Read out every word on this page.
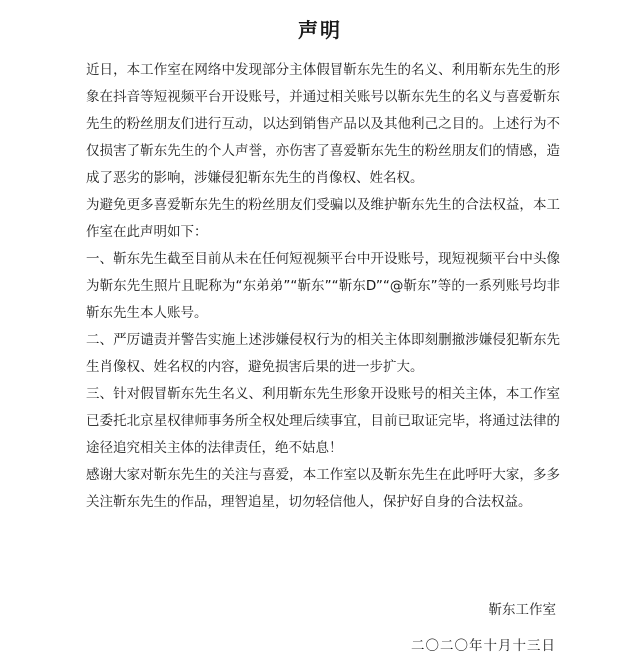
声明

近日，本工作室在网络中发现部分主体假冒靳东先生的名义、利用靳东先生的形象在抖音等短视频平台开设账号，并通过相关账号以靳东先生的名义与喜爱靳东先生的粉丝朋友们进行互动，以达到销售产品以及其他利己之目的。上述行为不仅损害了靳东先生的个人声誉，亦伤害了喜爱靳东先生的粉丝朋友们的情感，造成了恶劣的影响，涉嫌侵犯靳东先生的肖像权、姓名权。

为避免更多喜爱靳东先生的粉丝朋友们受骗以及维护靳东先生的合法权益，本工作室在此声明如下：

一、靳东先生截至目前从未在任何短视频平台中开设账号，现短视频平台中头像为靳东先生照片且昵称为“东弟弟”“靳东”“靳东D”“@靳东”等的一系列账号均非靳东先生本人账号。

二、严厉谴责并警告实施上述涉嫌侵权行为的相关主体即刻删撤涉嫌侵犯靳东先生肖像权、姓名权的内容，避免损害后果的进一步扩大。

三、针对假冒靳东先生名义、利用靳东先生形象开设账号的相关主体，本工作室已委托北京星权律师事务所全权处理后续事宜，目前已取证完毕，将通过法律的途径追究相关主体的法律责任，绝不姑息！

感谢大家对靳东先生的关注与喜爱，本工作室以及靳东先生在此呼吁大家，多多关注靳东先生的作品，理智追星，切勿轻信他人，保护好自身的合法权益。

靳东工作室
二〇二〇年十月十三日
